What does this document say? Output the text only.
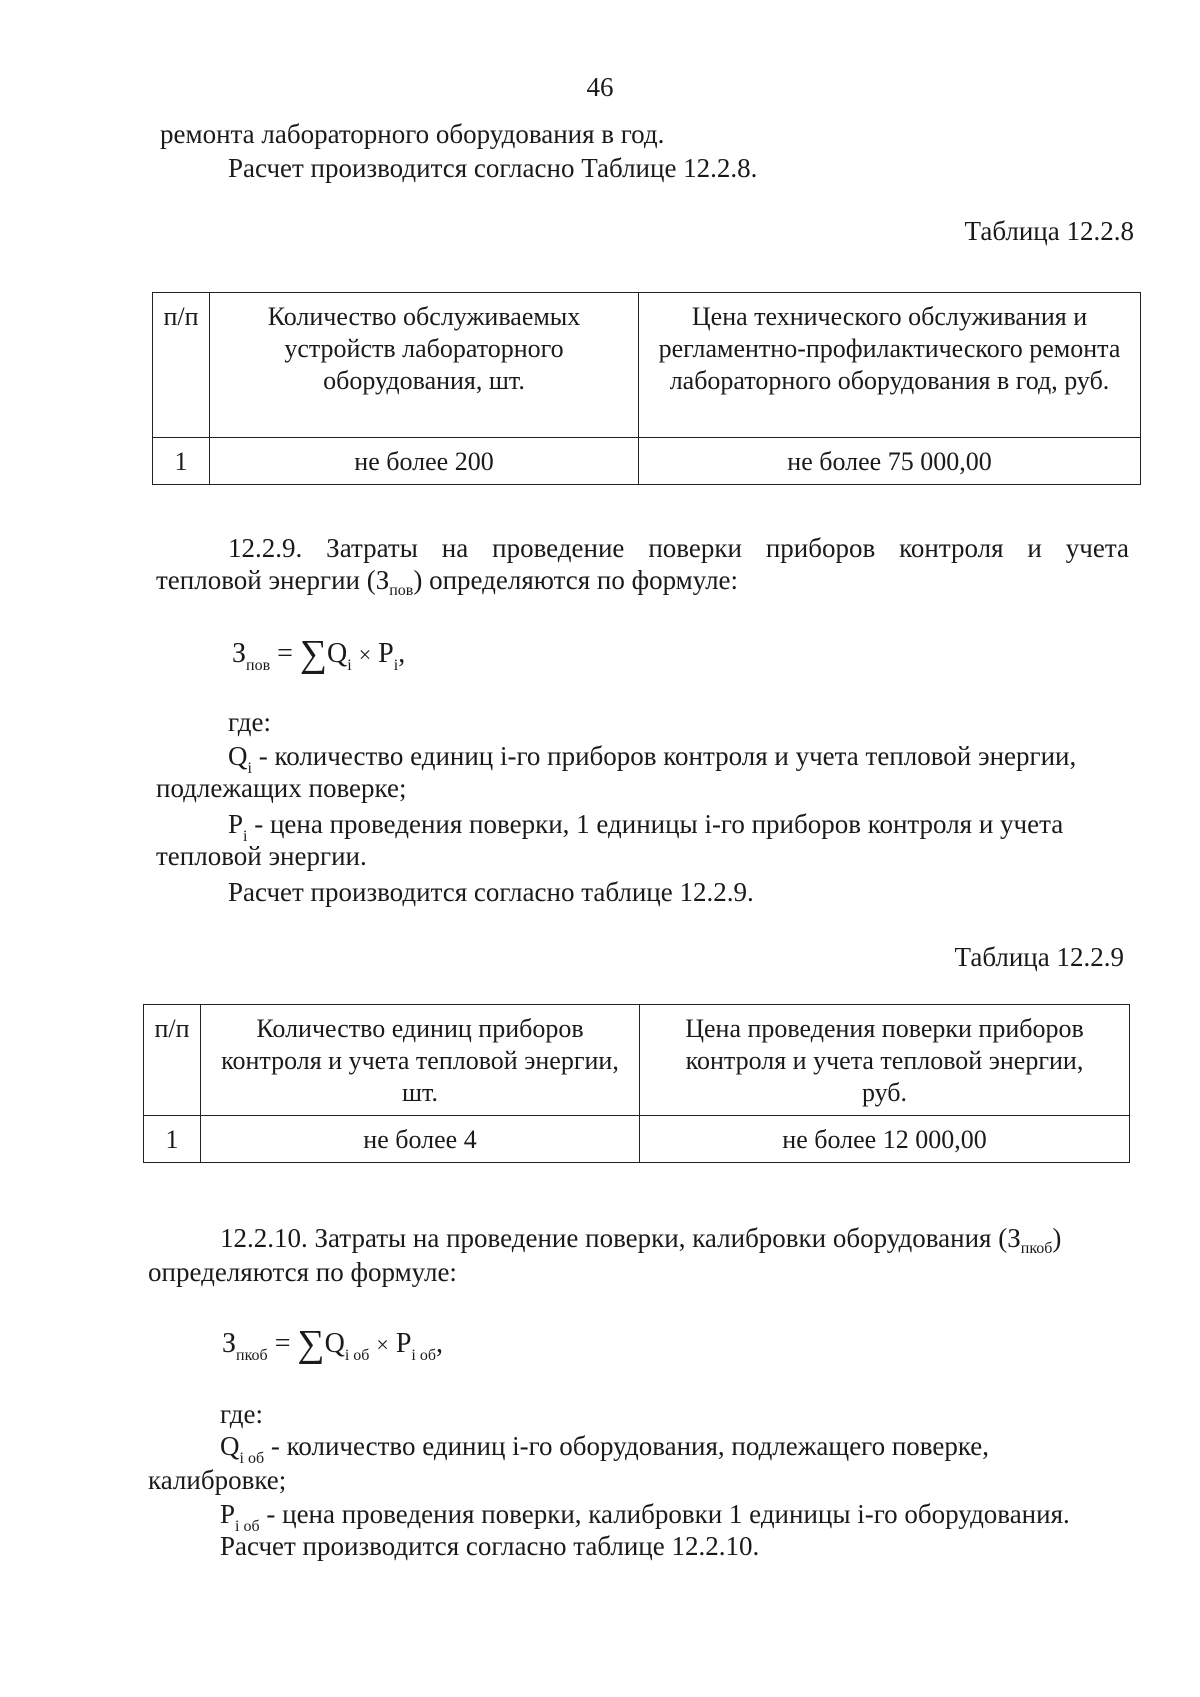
46
ремонта лабораторного оборудования в год.
Расчет производится согласно Таблице 12.2.8.
Таблица 12.2.8
п/п	Количество обслуживаемых устройств лабораторного оборудования, шт.	Цена технического обслуживания и регламентно-профилактического ремонта лабораторного оборудования в год, руб.
1	не более 200	не более 75 000,00
12.2.9. Затраты на проведение поверки приборов контроля и учета
тепловой энергии $(З_{пов})$ определяются по формуле:
$З_{пов} = \sum Q_i \times P_i$,
где:
$Q_i$ - количество единиц i-го приборов контроля и учета тепловой энергии,
подлежащих поверке;
$P_i$ - цена проведения поверки, 1 единицы i-го приборов контроля и учета
тепловой энергии.
Расчет производится согласно таблице 12.2.9.
Таблица 12.2.9
п/п	Количество единиц приборов контроля и учета тепловой энергии, шт.	Цена проведения поверки приборов контроля и учета тепловой энергии, руб.

1	не более 4	не более 12 000,00
12.2.10. Затраты на проведение поверки, калибровки оборудования $(З_{пкоб})$
определяются по формуле:
$З_{пкоб} = \sum Q_{i об} \times P_{i об}$,
где:
$Q_{i об}$ - количество единиц i-го оборудования, подлежащего поверке,
калибровке;
$P_{i об}$ - цена проведения поверки, калибровки 1 единицы i-го оборудования.
Расчет производится согласно таблице 12.2.10.
